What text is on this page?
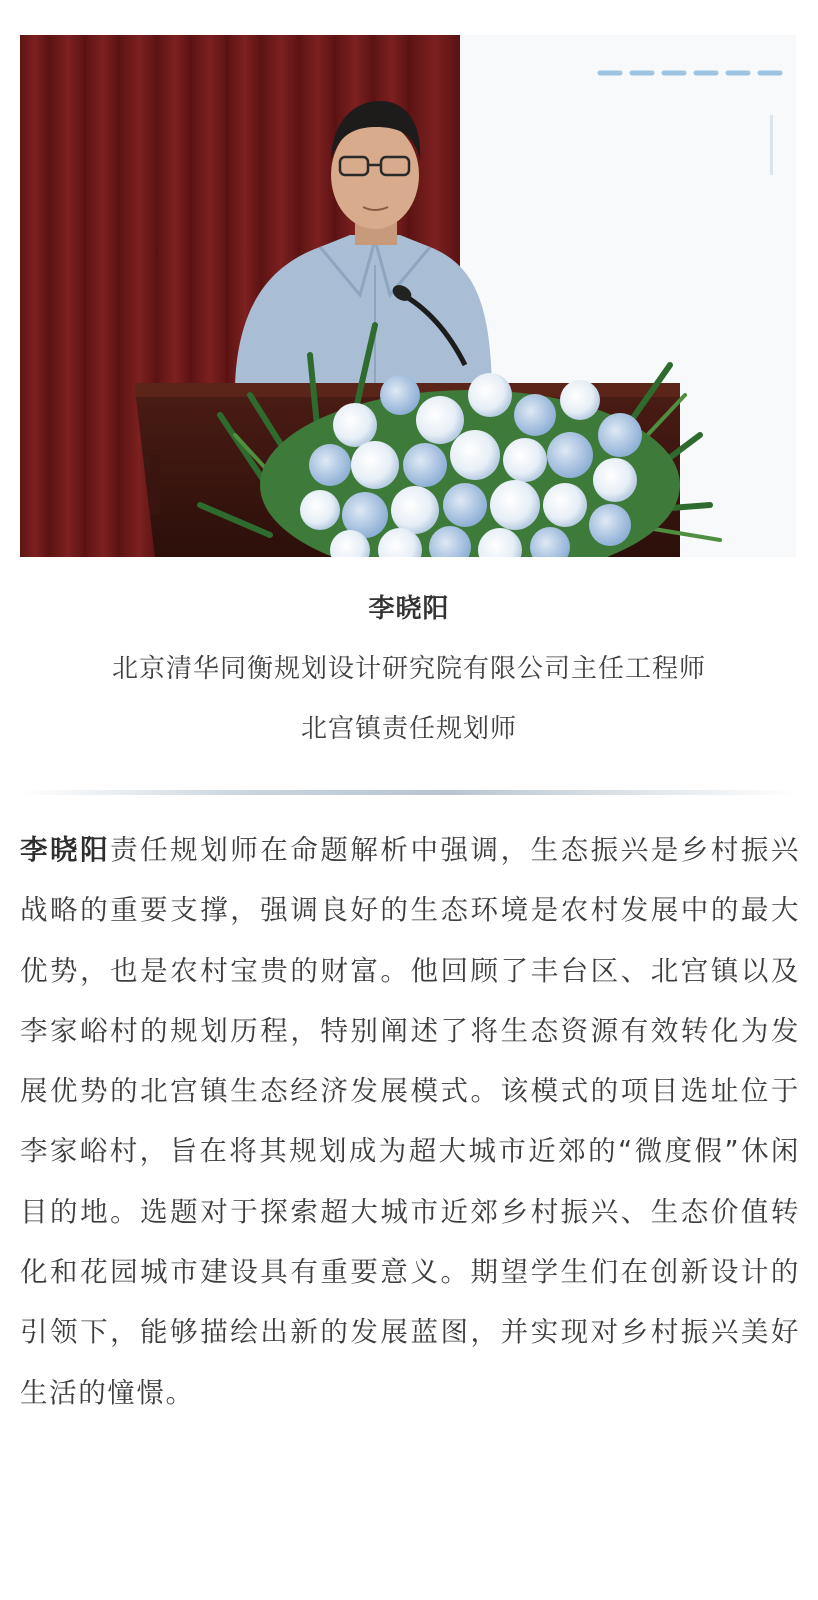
李晓阳
北京清华同衡规划设计研究院有限公司主任工程师
北宫镇责任规划师
李晓阳责任规划师在命题解析中强调，生态振兴是乡村振兴战略的重要支撑，强调良好的生态环境是农村发展中的最大优势，也是农村宝贵的财富。他回顾了丰台区、北宫镇以及李家峪村的规划历程，特别阐述了将生态资源有效转化为发展优势的北宫镇生态经济发展模式。该模式的项目选址位于李家峪村，旨在将其规划成为超大城市近郊的“微度假”休闲目的地。选题对于探索超大城市近郊乡村振兴、生态价值转化和花园城市建设具有重要意义。期望学生们在创新设计的引领下，能够描绘出新的发展蓝图，并实现对乡村振兴美好生活的憧憬。
